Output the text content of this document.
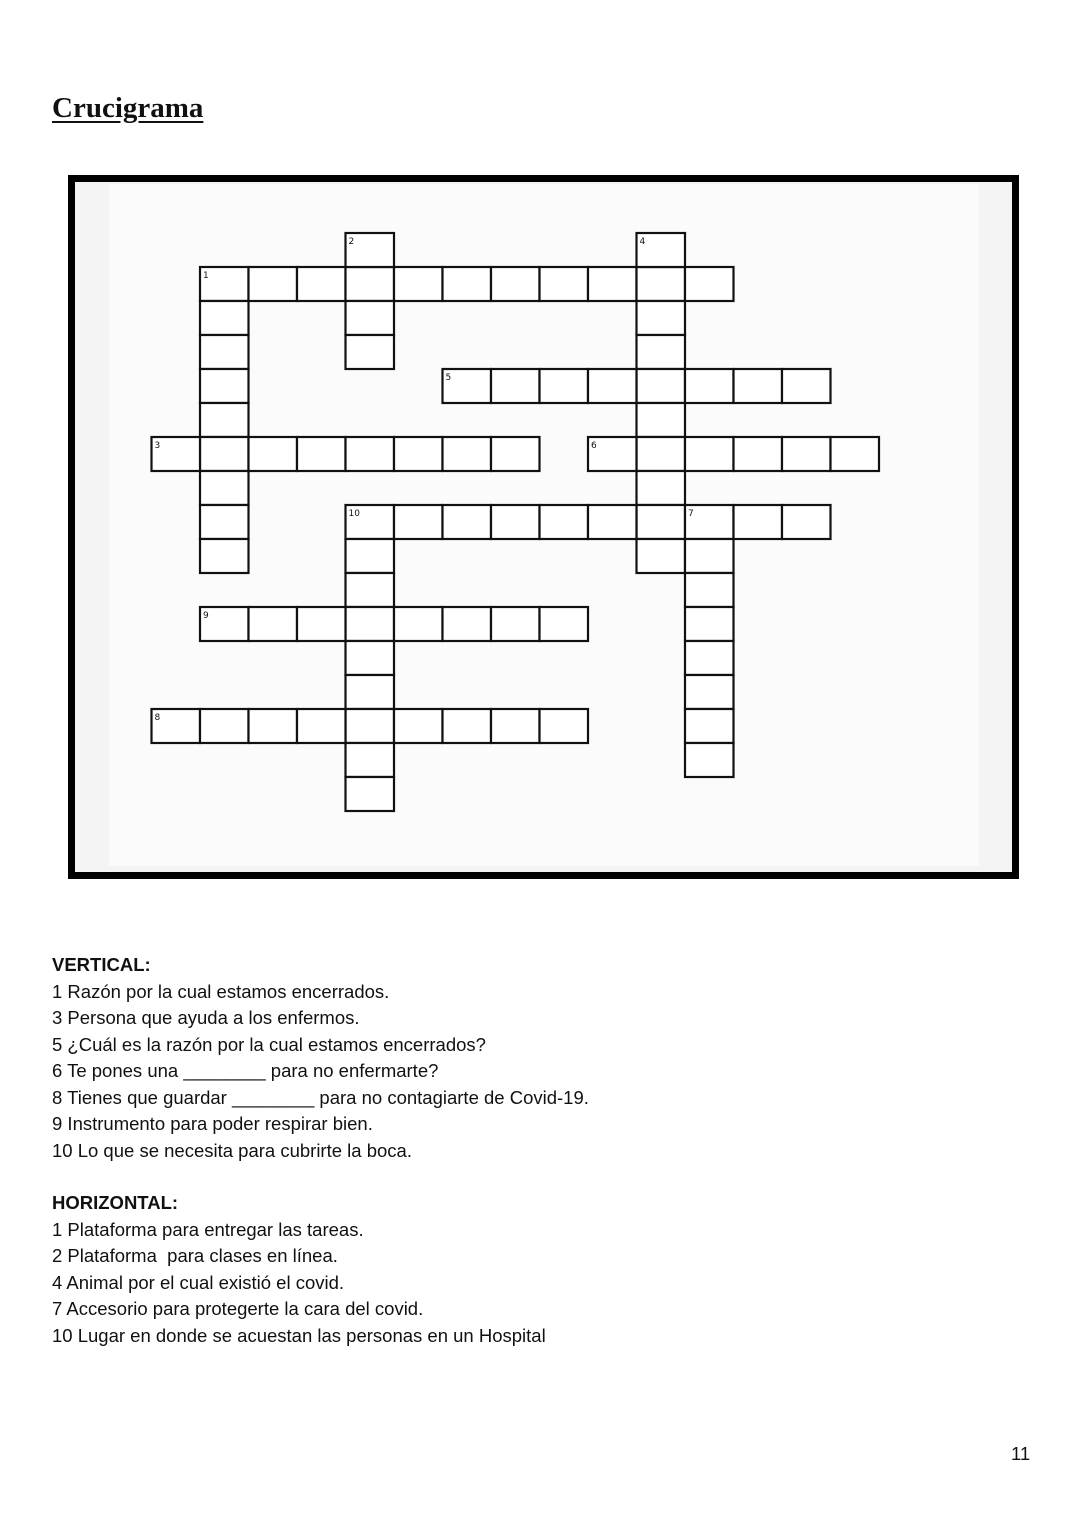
Crucigrama
1
2	4
5
3	6
10	7
9
8

VERTICAL:

1 Razón por la cual estamos encerrados.
3 Persona que ayuda a los enfermos.
5 ¿Cuál es la razón por la cual estamos encerrados?
6 Te pones una ________ para no enfermarte?
8 Tienes que guardar ________ para no contagiarte de Covid-19.
9 Instrumento para poder respirar bien.
10 Lo que se necesita para cubrirte la boca.

HORIZONTAL:

1 Plataforma para entregar las tareas.
2 Plataforma  para clases en línea.
4 Animal por el cual existió el covid.
7 Accesorio para protegerte la cara del covid.
10 Lugar en donde se acuestan las personas en un Hospital
11
